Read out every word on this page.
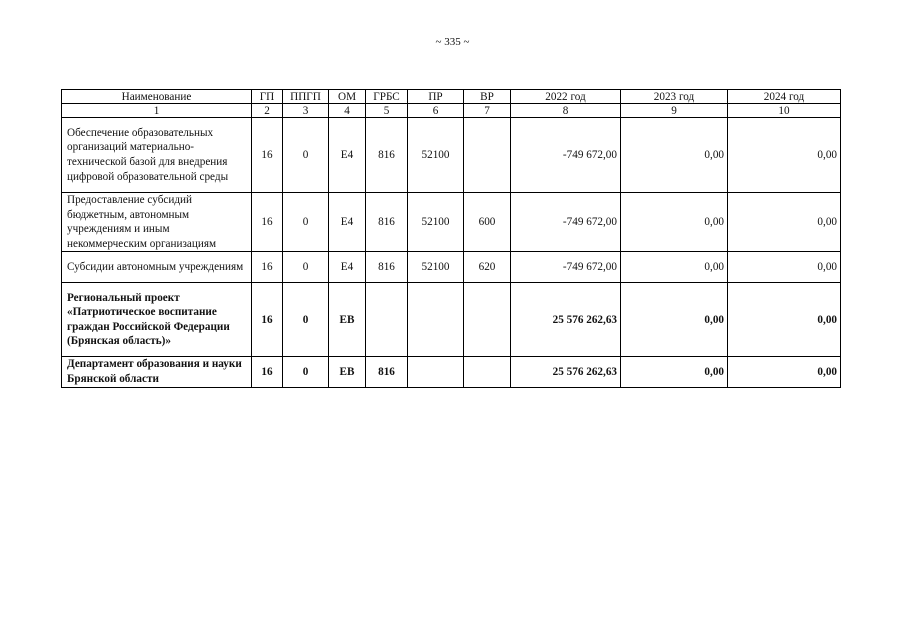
~ 335 ~
Наименование	ГП	ППГП	ОМ	ГРБС	ПР	ВР	2022 год	2023 год	2024 год
1	2	3	4	5	6	7	8	9	10
Обеспечение образовательных организаций материально-технической базой для внедрения цифровой образовательной среды	16	0	Е4	816	52100		-749 672,00	0,00	0,00
Предоставление субсидий бюджетным, автономным учреждениям и иным некоммерческим организациям	16	0	Е4	816	52100	600	-749 672,00	0,00	0,00
Субсидии автономным учреждениям	16	0	Е4	816	52100	620	-749 672,00	0,00	0,00
Региональный проект «Патриотическое воспитание граждан Российской Федерации (Брянская область)»	16	0	ЕВ				25 576 262,63	0,00	0,00
Департамент образования и науки Брянской области	16	0	ЕВ	816			25 576 262,63	0,00	0,00
